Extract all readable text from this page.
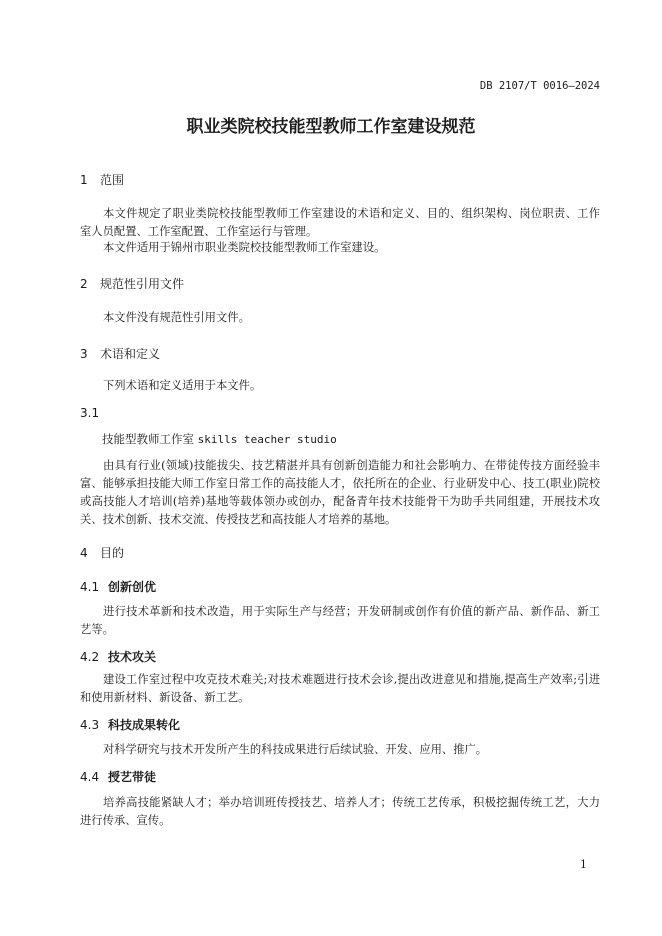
DB 2107/T 0016—2024
职业类院校技能型教师工作室建设规范
1 范围
本文件规定了职业类院校技能型教师工作室建设的术语和定义、目的、组织架构、岗位职责、工作室人员配置、工作室配置、工作室运行与管理。
本文件适用于锦州市职业类院校技能型教师工作室建设。
2 规范性引用文件
本文件没有规范性引用文件。
3 术语和定义
下列术语和定义适用于本文件。
3.1
技能型教师工作室 skills teacher studio
由具有行业(领域)技能拔尖、技艺精湛并具有创新创造能力和社会影响力、在带徒传技方面经验丰富、能够承担技能大师工作室日常工作的高技能人才，依托所在的企业、行业研发中心、技工(职业)院校或高技能人才培训(培养)基地等载体领办或创办，配备青年技术技能骨干为助手共同组建，开展技术攻关、技术创新、技术交流、传授技艺和高技能人才培养的基地。
4 目的
4.1 创新创优
进行技术革新和技术改造，用于实际生产与经营；开发研制或创作有价值的新产品、新作品、新工艺等。
4.2 技术攻关
建设工作室过程中攻克技术难关;对技术难题进行技术会诊,提出改进意见和措施,提高生产效率;引进和使用新材料、新设备、新工艺。
4.3 科技成果转化
对科学研究与技术开发所产生的科技成果进行后续试验、开发、应用、推广。
4.4 授艺带徒
培养高技能紧缺人才；举办培训班传授技艺、培养人才；传统工艺传承，积极挖掘传统工艺，大力进行传承、宣传。
1
